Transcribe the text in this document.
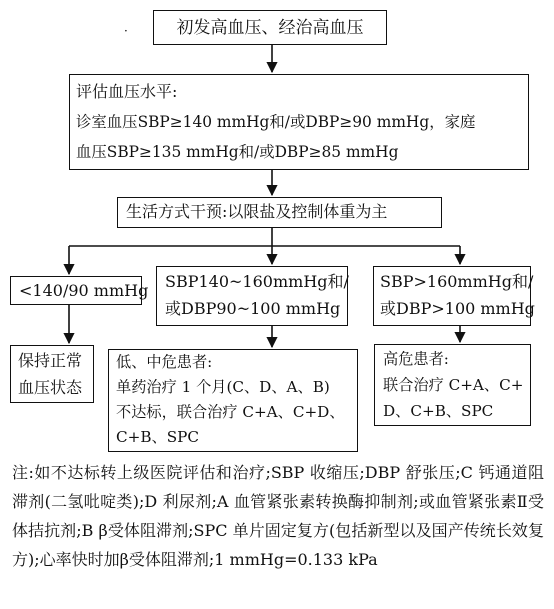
·	初发高血压、经治高血压
评估血压水平:
诊室血压SBP≥140 mmHg和/或DBP≥90 mmHg，家庭
血压SBP≥135 mmHg和/或DBP≥85 mmHg
生活方式干预:以限盐及控制体重为主
<140/90 mmHg SBP140~160mmHg和/
或DBP90~100 mmHg
SBP>160mmHg和/
或DBP>100 mmHg
保持正常
血压状态
低、中危患者:
单药治疗 1 个月(C、D、A、B)
不达标，联合治疗 C+A、C+D、
C+B、SPC
高危患者:
联合治疗 C+A、C+
D、C+B、SPC
注:如不达标转上级医院评估和治疗;SBP 收缩压;DBP 舒张压;C 钙通道阻滞剂(二氢吡啶类);D 利尿剂;A 血管紧张素转换酶抑制剂;或血管紧张素Ⅱ受体拮抗剂;B β受体阻滞剂;SPC 单片固定复方(包括新型以及国产传统长效复方);心率快时加β受体阻滞剂;1 mmHg=0.133 kPa
